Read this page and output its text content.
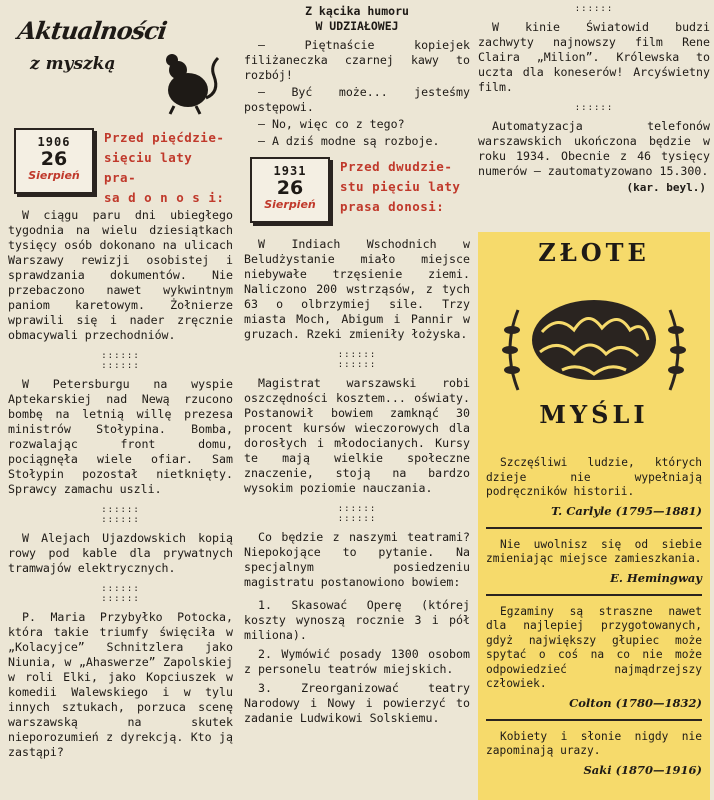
Aktualności
z myszką
1906
26
Sierpień
Przed pięćdzie-
sięciu laty pra-
sa d o n o s i:

W ciągu paru dni ubiegłego tygodnia na wielu dziesiątkach tysięcy osób dokonano na ulicach Warszawy rewizji osobistej i sprawdzania dokumentów. Nie przebaczono nawet wykwintnym paniom karetowym. Żołnierze wprawili się i nader zręcznie obmacywali przechodniów.

::::::
::::::

W Petersburgu na wyspie Aptekarskiej nad Newą rzucono bombę na letnią willę prezesa ministrów Stołypina. Bomba, rozwalając front domu, pociągnęła wiele ofiar. Sam Stołypin pozostał nietknięty. Sprawcy zamachu uszli.

::::::
::::::

W Alejach Ujazdowskich kopią rowy pod kable dla prywatnych tramwajów elektrycznych.

::::::
::::::

P. Maria Przybyłko Potocka, która takie triumfy święciła w „Kolacyjce” Schnitzlera jako Niunia, w „Ahaswerze” Zapolskiej w roli Elki, jako Kopciuszek w komedii Walewskiego i w tylu innych sztukach, porzuca scenę warszawską na skutek nieporozumień z dyrekcją. Kto ją zastąpi?

Z kącika humoru
W UDZIAŁOWEJ

— Piętnaście kopiejek filiżaneczka czarnej kawy to rozbój!

— Być może... jesteśmy postępowi.

— No, więc co z tego?

— A dziś modne są rozboje.

1931
26
Sierpień
Przed dwudzie-
stu pięciu laty
prasa donosi:

W Indiach Wschodnich w Beludżystanie miało miejsce niebywałe trzęsienie ziemi. Naliczono 200 wstrząsów, z tych 63 o olbrzymiej sile. Trzy miasta Moch, Abigum i Pannir w gruzach. Rzeki zmieniły łożyska.

::::::
::::::

Magistrat warszawski robi oszczędności kosztem... oświaty. Postanowił bowiem zamknąć 30 procent kursów wieczorowych dla dorosłych i młodocianych. Kursy te mają wielkie społeczne znaczenie, stoją na bardzo wysokim poziomie nauczania.

::::::
::::::

Co będzie z naszymi teatrami? Niepokojące to pytanie. Na specjalnym posiedzeniu magistratu postanowiono bowiem:

1. Skasować Operę (której koszty wynoszą rocznie 3 i pół miliona).

2. Wymówić posady 1300 osobom z personelu teatrów miejskich.

3. Zreorganizować teatry Narodowy i Nowy i powierzyć to zadanie Ludwikowi Solskiemu.

::::::

W kinie Światowid budzi zachwyty najnowszy film Rene Claira „Milion”. Królewska to uczta dla koneserów! Arcyświetny film.

::::::

Automatyzacja telefonów warszawskich ukończona będzie w roku 1934. Obecnie z 46 tysięcy numerów — zautomatyzowano 15.300.

(kar. beyl.)
ZŁOTE
MYŚLI

Szczęśliwi ludzie, których dzieje nie wypełniają podręczników historii.

T. Carlyle (1795—1881)

Nie uwolnisz się od siebie zmieniając miejsce zamieszkania.

E. Hemingway

Egzaminy są straszne nawet dla najlepiej przygotowanych, gdyż największy głupiec może spytać o coś na co nie może odpowiedzieć najmądrzejszy człowiek.

Colton (1780—1832)

Kobiety i słonie nigdy nie zapominają urazy.

Saki (1870—1916)
